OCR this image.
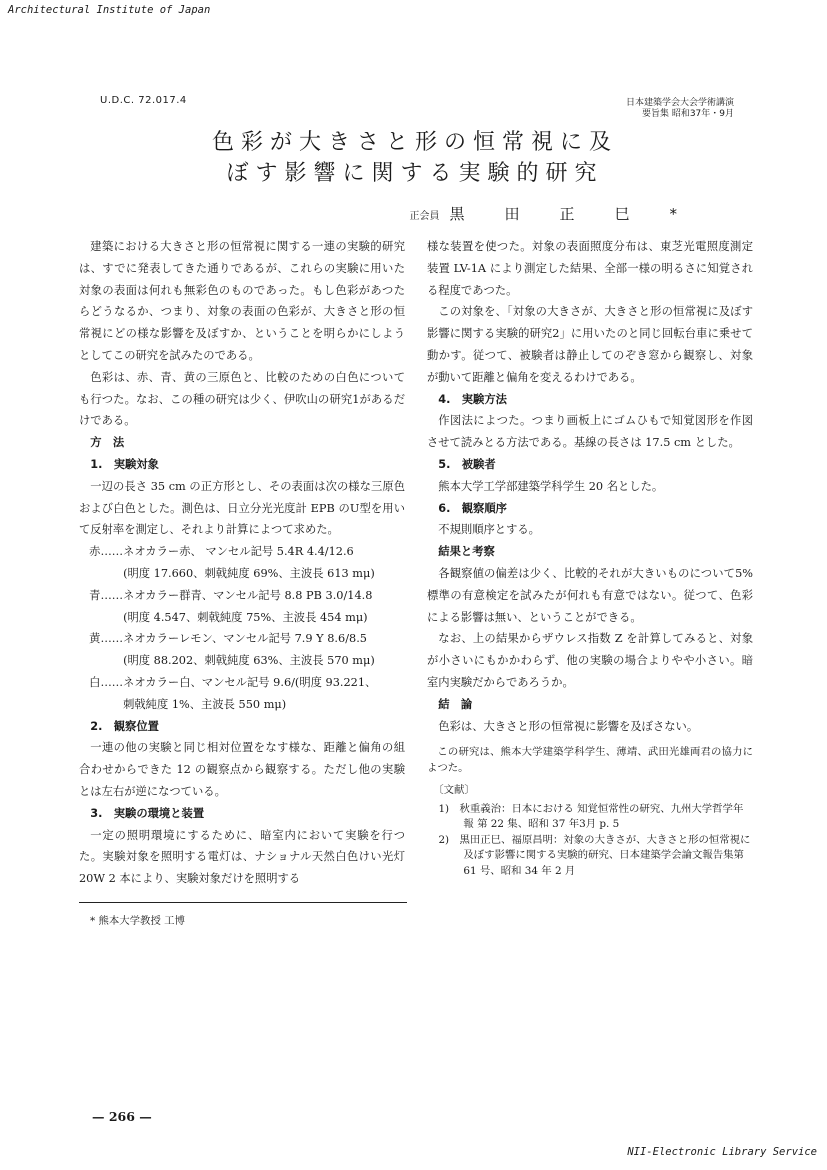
Architectural Institute of Japan
U.D.C. 72.017.4	日本建築学会大会学術講演
要旨集 昭和37年・9月
色彩が大きさと形の恒常視に及
ぼす影響に関する実験的研究
正会員 黒田正巳*

建築における大きさと形の恒常視に関する一連の実験的研究は、すでに発表してきた通りであるが、これらの実験に用いた対象の表面は何れも無彩色のものであった。もし色彩があつたらどうなるか、つまり、対象の表面の色彩が、大きさと形の恒常視にどの様な影響を及ぼすか、ということを明らかにしようとしてこの研究を試みたのである。

色彩は、赤、青、黄の三原色と、比較のための白色についても行つた。なお、この種の研究は少く、伊吹山の研究1があるだけである。

方　法
1.　実験対象

一辺の長さ 35 cm の正方形とし、その表面は次の様な三原色および白色とした。測色は、日立分光光度計 EPB のU型を用いて反射率を測定し、それより計算によつて求めた。

赤……ネオカラー赤、 マンセル記号 5.4R 4.4/12.6
(明度 17.660、刺戟純度 69%、主波長 613 mμ)
青……ネオカラー群青、マンセル記号 8.8 PB 3.0/14.8
(明度 4.547、刺戟純度 75%、主波長 454 mμ)
黄……ネオカラーレモン、マンセル記号 7.9 Y 8.6/8.5
(明度 88.202、刺戟純度 63%、主波長 570 mμ)
白……ネオカラー白、マンセル記号 9.6/(明度 93.221、
刺戟純度 1%、主波長 550 mμ)
2.　観察位置

一連の他の実験と同じ相対位置をなす様な、距離と偏角の組合わせからできた 12 の観察点から観察する。ただし他の実験とは左右が逆になつている。

3.　実験の環境と装置

一定の照明環境にするために、暗室内において実験を行つた。実験対象を照明する電灯は、ナショナル天然白色けい光灯 20W 2 本により、実験対象だけを照明する

* 熊本大学教授 工博

様な装置を使つた。対象の表面照度分布は、東芝光電照度測定装置 LV-1A により測定した結果、全部一様の明るさに知覚される程度であつた。

この対象を、「対象の大きさが、大きさと形の恒常視に及ぼす影響に関する実験的研究2」に用いたのと同じ回転台車に乗せて動かす。従つて、被験者は静止してのぞき窓から観察し、対象が動いて距離と偏角を変えるわけである。

4.　実験方法

作図法によつた。つまり画板上にゴムひもで知覚図形を作図させて読みとる方法である。基線の長さは 17.5 cm とした。

5.　被験者

熊本大学工学部建築学科学生 20 名とした。

6.　観察順序

不規則順序とする。

結果と考察

各観察値の偏差は少く、比較的それが大きいものについて5% 標準の有意検定を試みたが何れも有意ではない。従つて、色彩による影響は無い、ということができる。

なお、上の結果からザウレス指数 Z を計算してみると、対象が小さいにもかかわらず、他の実験の場合よりやや小さい。暗室内実験だからであろうか。

結　論

色彩は、大きさと形の恒常視に影響を及ぼさない。

この研究は、熊本大学建築学科学生、薄靖、武田光雄両君の協力によつた。

〔文献〕
1)　秋重義治：日本における 知覚恒常性の研究、九州大学哲学年報 第 22 集、昭和 37 年3月 p. 5
2)　黒田正巳、福原昌明：対象の大きさが、大きさと形の恒常視に及ぼす影響に関する実験的研究、日本建築学会論文報告集第 61 号、昭和 34 年 2 月
— 266 —
NII-Electronic Library Service
